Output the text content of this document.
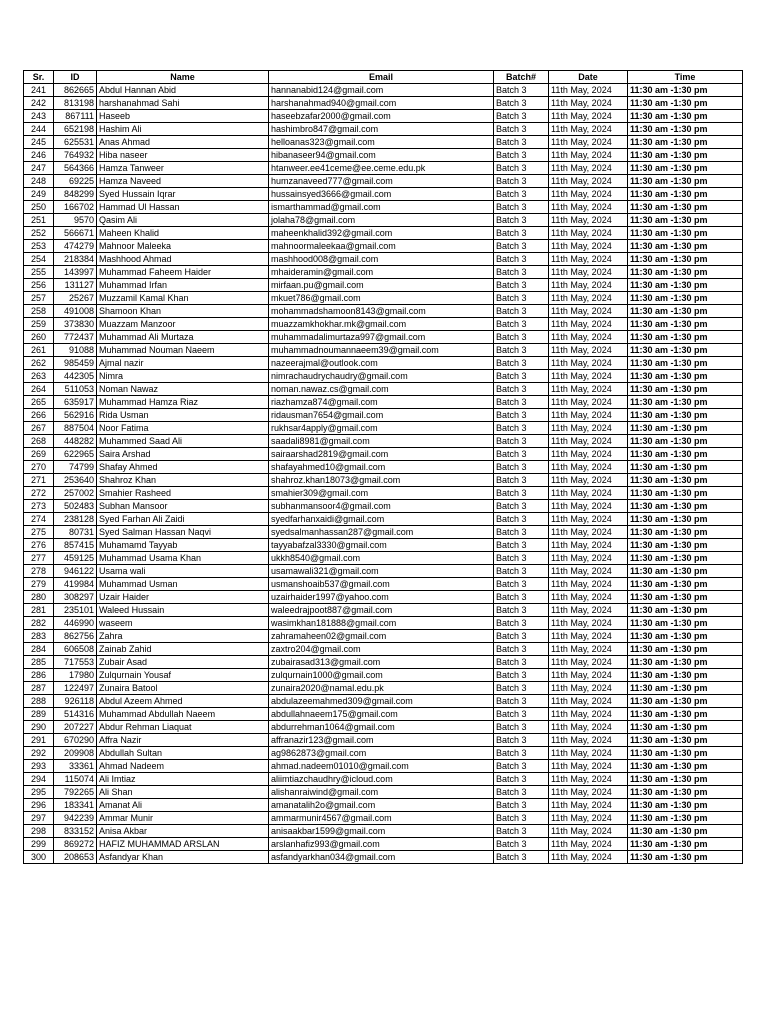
Sr.	ID	Name	Email	Batch#	Date	Time
241	862665	Abdul Hannan Abid	hannanabid124@gmail.com	Batch 3	11th May, 2024	11:30 am -1:30 pm
242	813198	harshanahmad Sahi	harshanahmad940@gmail.com	Batch 3	11th May, 2024	11:30 am -1:30 pm
243	867111	Haseeb	haseebzafar2000@gmail.com	Batch 3	11th May, 2024	11:30 am -1:30 pm
244	652198	Hashim Ali	hashimbro847@gmail.com	Batch 3	11th May, 2024	11:30 am -1:30 pm
245	625531	Anas Ahmad	helloanas323@gmail.com	Batch 3	11th May, 2024	11:30 am -1:30 pm
246	764932	Hiba naseer	hibanaseer94@gmail.com	Batch 3	11th May, 2024	11:30 am -1:30 pm
247	564366	Hamza Tanweer	htanweer.ee41ceme@ee.ceme.edu.pk	Batch 3	11th May, 2024	11:30 am -1:30 pm
248	69225	Hamza Naveed	humzanaveed777@gmail.com	Batch 3	11th May, 2024	11:30 am -1:30 pm
249	848299	Syed Hussain Iqrar	hussainsyed3666@gmail.com	Batch 3	11th May, 2024	11:30 am -1:30 pm
250	166702	Hammad Ul Hassan	ismarthammad@gmail.com	Batch 3	11th May, 2024	11:30 am -1:30 pm
251	9570	Qasim Ali	jolaha78@gmail.com	Batch 3	11th May, 2024	11:30 am -1:30 pm
252	566671	Maheen Khalid	maheenkhalid392@gmail.com	Batch 3	11th May, 2024	11:30 am -1:30 pm
253	474279	Mahnoor Maleeka	mahnoormaleekaa@gmail.com	Batch 3	11th May, 2024	11:30 am -1:30 pm
254	218384	Mashhood Ahmad	mashhood008@gmail.com	Batch 3	11th May, 2024	11:30 am -1:30 pm
255	143997	Muhammad Faheem Haider	mhaideramin@gmail.com	Batch 3	11th May, 2024	11:30 am -1:30 pm
256	131127	Muhammad Irfan	mirfaan.pu@gmail.com	Batch 3	11th May, 2024	11:30 am -1:30 pm
257	25267	Muzzamil Kamal Khan	mkuet786@gmail.com	Batch 3	11th May, 2024	11:30 am -1:30 pm
258	491008	Shamoon Khan	mohammadshamoon8143@gmail.com	Batch 3	11th May, 2024	11:30 am -1:30 pm
259	373830	Muazzam Manzoor	muazzamkhokhar.mk@gmail.com	Batch 3	11th May, 2024	11:30 am -1:30 pm
260	772437	Muhammad Ali Murtaza	muhammadalimurtaza997@gmail.com	Batch 3	11th May, 2024	11:30 am -1:30 pm
261	91088	Muhammad Nouman Naeem	muhammadnoumannaeem39@gmail.com	Batch 3	11th May, 2024	11:30 am -1:30 pm
262	985459	Ajmal nazir	nazeerajmal@outlook.com	Batch 3	11th May, 2024	11:30 am -1:30 pm
263	442305	Nimra	nimrachaudrychaudry@gmail.com	Batch 3	11th May, 2024	11:30 am -1:30 pm
264	511053	Noman Nawaz	noman.nawaz.cs@gmail.com	Batch 3	11th May, 2024	11:30 am -1:30 pm
265	635917	Muhammad Hamza Riaz	riazhamza874@gmail.com	Batch 3	11th May, 2024	11:30 am -1:30 pm
266	562916	Rida Usman	ridausman7654@gmail.com	Batch 3	11th May, 2024	11:30 am -1:30 pm
267	887504	Noor Fatima	rukhsar4apply@gmail.com	Batch 3	11th May, 2024	11:30 am -1:30 pm
268	448282	Muhammed Saad Ali	saadali8981@gmail.com	Batch 3	11th May, 2024	11:30 am -1:30 pm
269	622965	Saira Arshad	sairaarshad2819@gmail.com	Batch 3	11th May, 2024	11:30 am -1:30 pm
270	74799	Shafay Ahmed	shafayahmed10@gmail.com	Batch 3	11th May, 2024	11:30 am -1:30 pm
271	253640	Shahroz Khan	shahroz.khan18073@gmail.com	Batch 3	11th May, 2024	11:30 am -1:30 pm
272	257002	Smahier Rasheed	smahier309@gmail.com	Batch 3	11th May, 2024	11:30 am -1:30 pm
273	502483	Subhan Mansoor	subhanmansoor4@gmail.com	Batch 3	11th May, 2024	11:30 am -1:30 pm
274	238128	Syed Farhan Ali Zaidi	syedfarhanxaidi@gmail.com	Batch 3	11th May, 2024	11:30 am -1:30 pm
275	80731	Syed Salman Hassan Naqvi	syedsalmanhassan287@gmail.com	Batch 3	11th May, 2024	11:30 am -1:30 pm
276	857415	Muhamamd Tayyab	tayyabafzal3330@gmail.com	Batch 3	11th May, 2024	11:30 am -1:30 pm
277	459125	Muhammad Usama Khan	ukkh8540@gmail.com	Batch 3	11th May, 2024	11:30 am -1:30 pm
278	946122	Usama wali	usamawali321@gmail.com	Batch 3	11th May, 2024	11:30 am -1:30 pm
279	419984	Muhammad Usman	usmanshoaib537@gmail.com	Batch 3	11th May, 2024	11:30 am -1:30 pm
280	308297	Uzair Haider	uzairhaider1997@yahoo.com	Batch 3	11th May, 2024	11:30 am -1:30 pm
281	235101	Waleed Hussain	waleedrajpoot887@gmail.com	Batch 3	11th May, 2024	11:30 am -1:30 pm
282	446990	waseem	wasimkhan181888@gmail.com	Batch 3	11th May, 2024	11:30 am -1:30 pm
283	862756	Zahra	zahramaheen02@gmail.com	Batch 3	11th May, 2024	11:30 am -1:30 pm
284	606508	Zainab Zahid	zaxtro204@gmail.com	Batch 3	11th May, 2024	11:30 am -1:30 pm
285	717553	Zubair Asad	zubairasad313@gmail.com	Batch 3	11th May, 2024	11:30 am -1:30 pm
286	17980	Zulqurnain Yousaf	zulqurnain1000@gmail.com	Batch 3	11th May, 2024	11:30 am -1:30 pm
287	122497	Zunaira Batool	zunaira2020@namal.edu.pk	Batch 3	11th May, 2024	11:30 am -1:30 pm
288	926118	Abdul Azeem Ahmed	abdulazeemahmed309@gmail.com	Batch 3	11th May, 2024	11:30 am -1:30 pm
289	514316	Muhammad Abdullah Naeem	abdullahnaeem175@gmail.com	Batch 3	11th May, 2024	11:30 am -1:30 pm
290	207227	Abdur Rehman Liaquat	abdurrehman1064@gmail.com	Batch 3	11th May, 2024	11:30 am -1:30 pm
291	670290	Affra Nazir	affranazir123@gmail.com	Batch 3	11th May, 2024	11:30 am -1:30 pm
292	209908	Abdullah Sultan	ag9862873@gmail.com	Batch 3	11th May, 2024	11:30 am -1:30 pm
293	33361	Ahmad Nadeem	ahmad.nadeem01010@gmail.com	Batch 3	11th May, 2024	11:30 am -1:30 pm
294	115074	Ali Imtiaz	aliimtiazchaudhry@icloud.com	Batch 3	11th May, 2024	11:30 am -1:30 pm
295	792265	Ali Shan	alishanraiwind@gmail.com	Batch 3	11th May, 2024	11:30 am -1:30 pm
296	183341	Amanat Ali	amanatalih2o@gmail.com	Batch 3	11th May, 2024	11:30 am -1:30 pm
297	942239	Ammar Munir	ammarmunir4567@gmail.com	Batch 3	11th May, 2024	11:30 am -1:30 pm
298	833152	Anisa Akbar	anisaakbar1599@gmail.com	Batch 3	11th May, 2024	11:30 am -1:30 pm
299	869272	HAFIZ MUHAMMAD ARSLAN	arslanhafiz993@gmail.com	Batch 3	11th May, 2024	11:30 am -1:30 pm
300	208653	Asfandyar Khan	asfandyarkhan034@gmail.com	Batch 3	11th May, 2024	11:30 am -1:30 pm
